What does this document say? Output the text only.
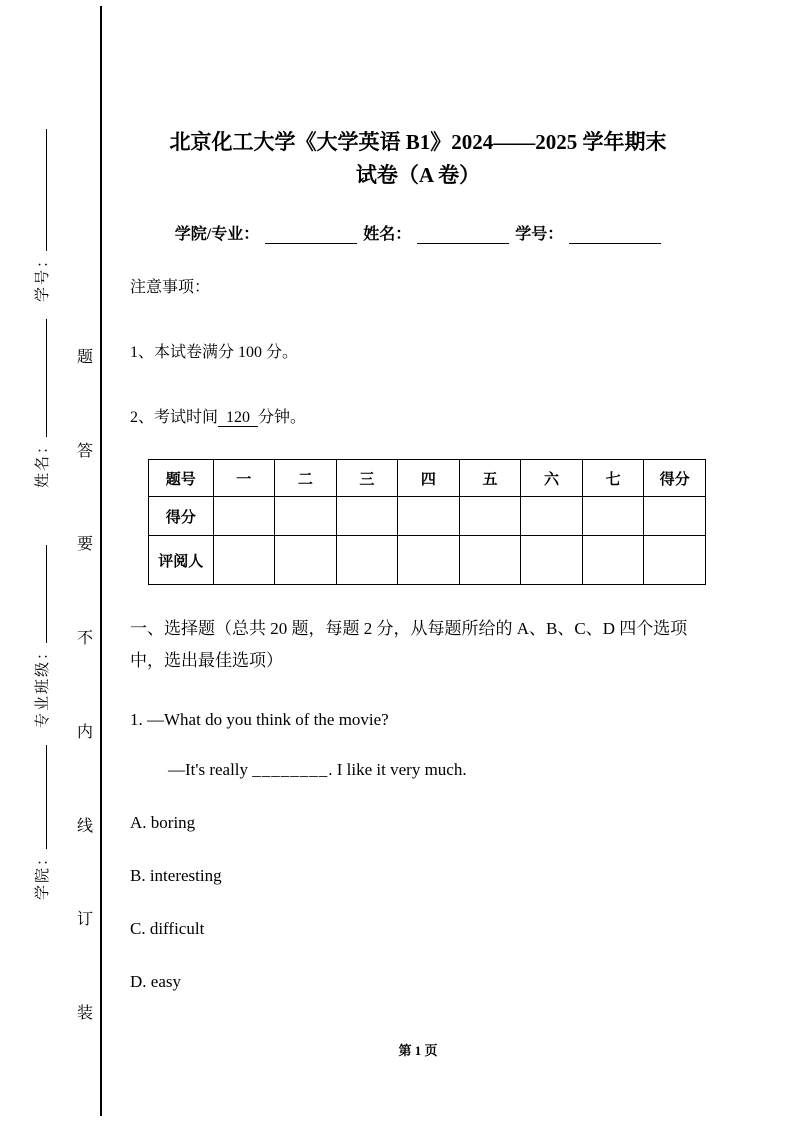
学号：
姓名：
专业班级：
学院：
题
答
要
不
内
线
订
装
北京化工大学《大学英语 B1》2024——2025 学年期末
试卷（A 卷）
学院/专业：	姓名：	学号：
注意事项：
1、本试卷满分 100 分。
2、考试时间 120 分钟。
题号	一	二	三	四	五	六	七	得分
得分								
评阅人								
一、选择题（总共 20 题，每题 2 分，从每题所给的 A、B、C、D 四个选项中，选出最佳选项）
1. —What do you think of the movie?
—It's really ________. I like it very much.
A. boring
B. interesting
C. difficult
D. easy
第 1 页
